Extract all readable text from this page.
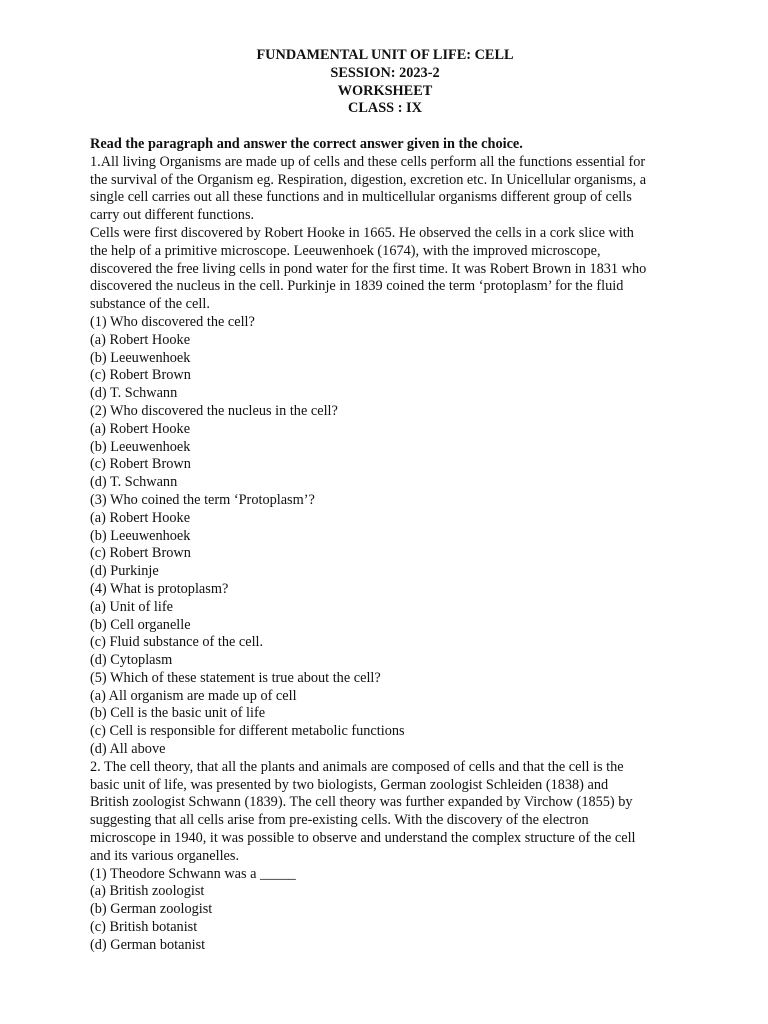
FUNDAMENTAL UNIT OF LIFE: CELL
SESSION: 2023-2
WORKSHEET
CLASS : IX
Read the paragraph and answer the correct answer given in the choice.
1.All living Organisms are made up of cells and these cells perform all the functions essential for
the survival of the Organism eg. Respiration, digestion, excretion etc. In Unicellular organisms, a
single cell carries out all these functions and in multicellular organisms different group of cells
carry out different functions.
Cells were first discovered by Robert Hooke in 1665. He observed the cells in a cork slice with
the help of a primitive microscope. Leeuwenhoek (1674), with the improved microscope,
discovered the free living cells in pond water for the first time. It was Robert Brown in 1831 who
discovered the nucleus in the cell. Purkinje in 1839 coined the term ‘protoplasm’ for the fluid
substance of the cell.
(1) Who discovered the cell?
(a) Robert Hooke
(b) Leeuwenhoek
(c) Robert Brown
(d) T. Schwann
(2) Who discovered the nucleus in the cell?
(a) Robert Hooke
(b) Leeuwenhoek
(c) Robert Brown
(d) T. Schwann
(3) Who coined the term ‘Protoplasm’?
(a) Robert Hooke
(b) Leeuwenhoek
(c) Robert Brown
(d) Purkinje
(4) What is protoplasm?
(a) Unit of life
(b) Cell organelle
(c) Fluid substance of the cell.
(d) Cytoplasm
(5) Which of these statement is true about the cell?
(a) All organism are made up of cell
(b) Cell is the basic unit of life
(c) Cell is responsible for different metabolic functions
(d) All above
2. The cell theory, that all the plants and animals are composed of cells and that the cell is the
basic unit of life, was presented by two biologists, German zoologist Schleiden (1838) and
British zoologist Schwann (1839). The cell theory was further expanded by Virchow (1855) by
suggesting that all cells arise from pre-existing cells. With the discovery of the electron
microscope in 1940, it was possible to observe and understand the complex structure of the cell
and its various organelles.
(1) Theodore Schwann was a _____
(a) British zoologist
(b) German zoologist
(c) British botanist
(d) German botanist
